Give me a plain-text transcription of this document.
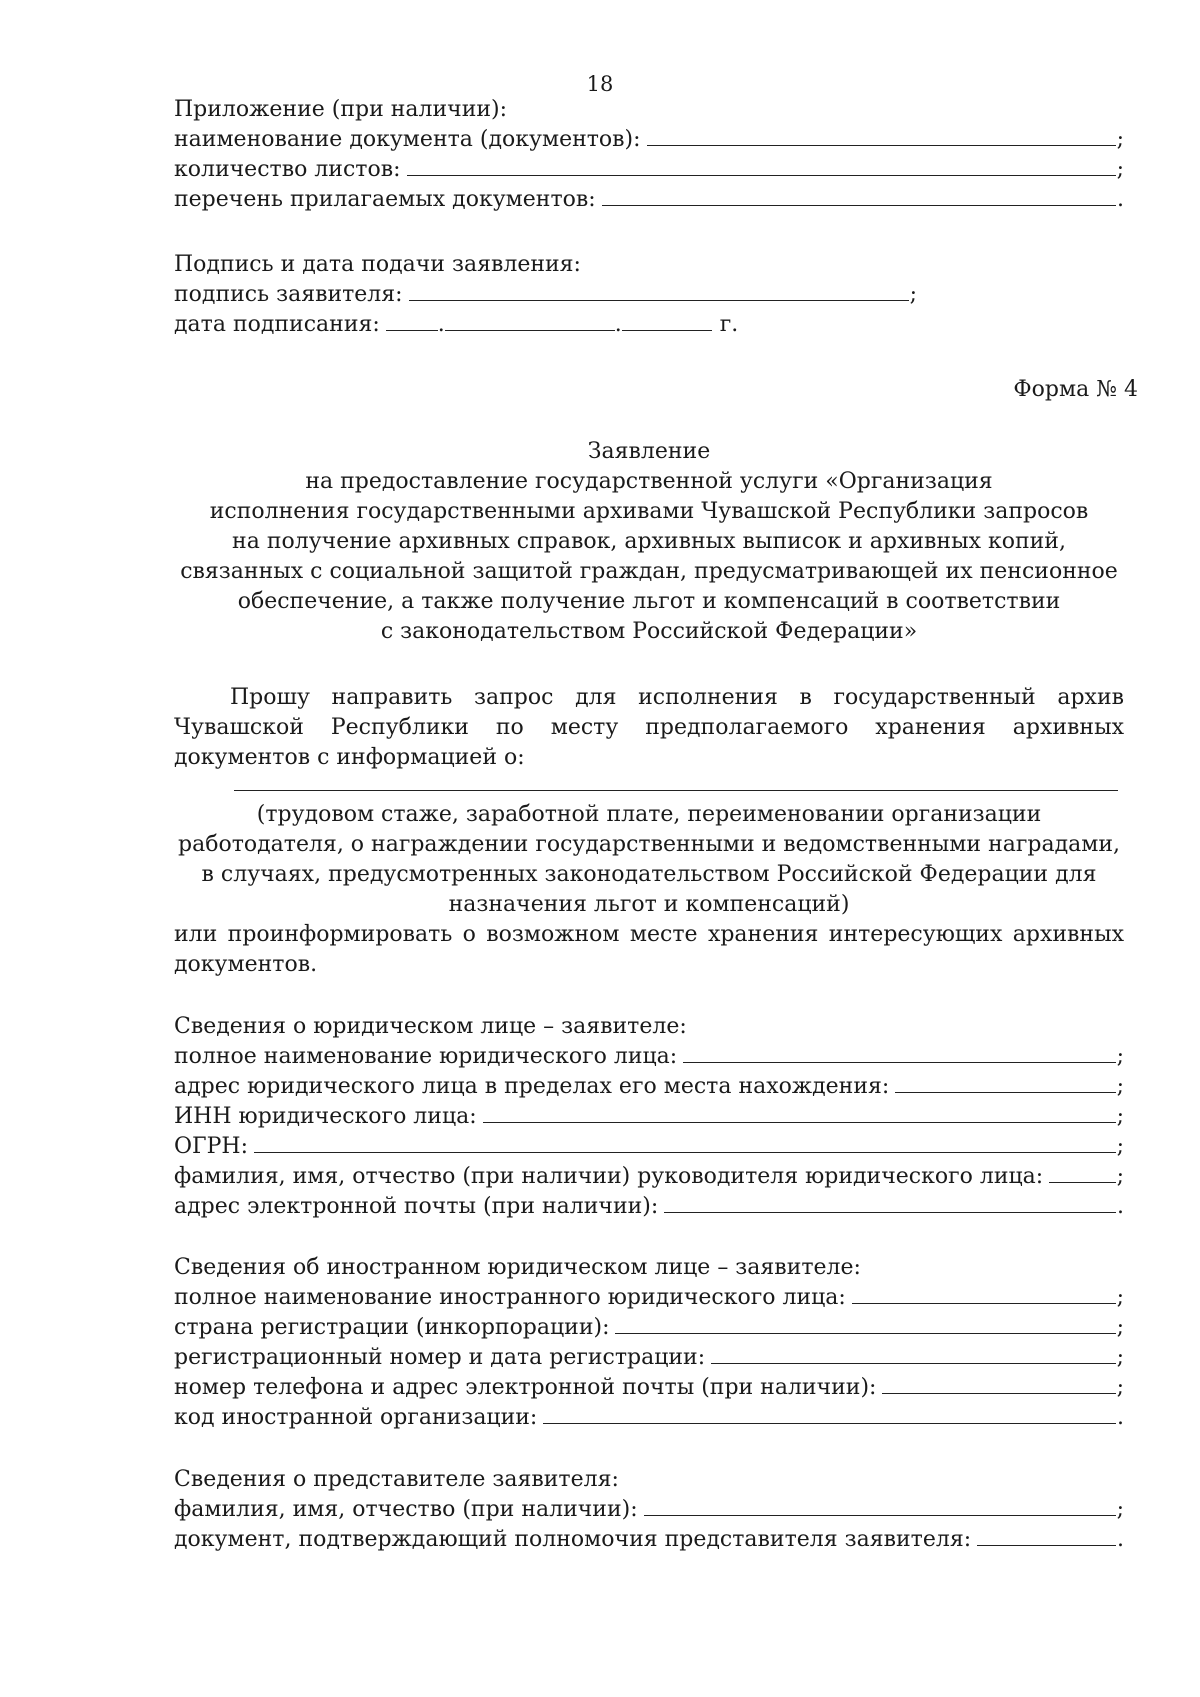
18
Приложение (при наличии):
наименование документа (документов):	;
количество листов:	;
перечень прилагаемых документов:	.
Подпись и дата подачи заявления:
подпись заявителя:	;
дата подписания:	.	.	г.
Форма № 4
Заявление
на предоставление государственной услуги «Организация
исполнения государственными архивами Чувашской Республики запросов
на получение архивных справок, архивных выписок и архивных копий,
связанных с социальной защитой граждан, предусматривающей их пенсионное
обеспечение, а также получение льгот и компенсаций в соответствии
с законодательством Российской Федерации»
Прошу направить запрос для исполнения в государственный архив Чувашской Республики по месту предполагаемого хранения архивных документов с информацией о:
(трудовом стаже, заработной плате, переименовании организации работодателя, о награждении государственными и ведомственными наградами, в случаях, предусмотренных законодательством Российской Федерации для назначения льгот и компенсаций)
или проинформировать о возможном месте хранения интересующих архивных документов.
Сведения о юридическом лице – заявителе:
полное наименование юридического лица:	;
адрес юридического лица в пределах его места нахождения:	;
ИНН юридического лица:	;
ОГРН:	;
фамилия, имя, отчество (при наличии) руководителя юридического лица:	;
адрес электронной почты (при наличии):	.
Сведения об иностранном юридическом лице – заявителе:
полное наименование иностранного юридического лица:	;
страна регистрации (инкорпорации):	;
регистрационный номер и дата регистрации:	;
номер телефона и адрес электронной почты (при наличии):	;
код иностранной организации:	.
Сведения о представителе заявителя:
фамилия, имя, отчество (при наличии):	;
документ, подтверждающий полномочия представителя заявителя:	.
